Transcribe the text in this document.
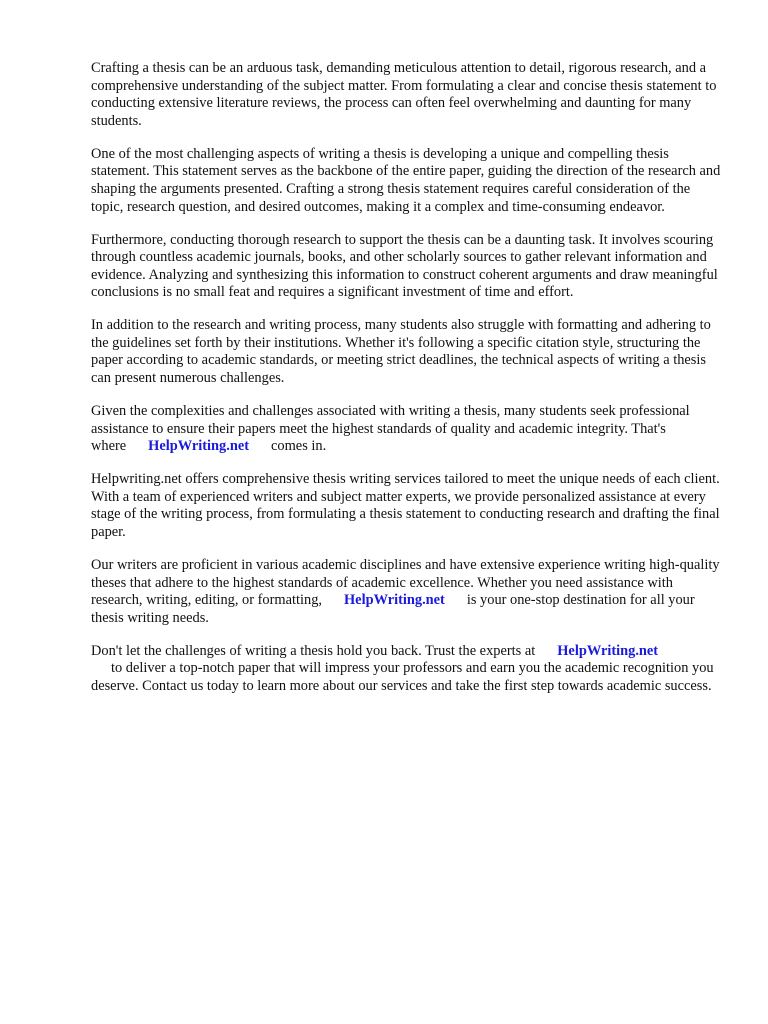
Crafting a thesis can be an arduous task, demanding meticulous attention to detail, rigorous research, and a comprehensive understanding of the subject matter. From formulating a clear and concise thesis statement to conducting extensive literature reviews, the process can often feel overwhelming and daunting for many students.

One of the most challenging aspects of writing a thesis is developing a unique and compelling thesis statement. This statement serves as the backbone of the entire paper, guiding the direction of the research and shaping the arguments presented. Crafting a strong thesis statement requires careful consideration of the topic, research question, and desired outcomes, making it a complex and time-consuming endeavor.

Furthermore, conducting thorough research to support the thesis can be a daunting task. It involves scouring through countless academic journals, books, and other scholarly sources to gather relevant information and evidence. Analyzing and synthesizing this information to construct coherent arguments and draw meaningful conclusions is no small feat and requires a significant investment of time and effort.

In addition to the research and writing process, many students also struggle with formatting and adhering to the guidelines set forth by their institutions. Whether it's following a specific citation style, structuring the paper according to academic standards, or meeting strict deadlines, the technical aspects of writing a thesis can present numerous challenges.

Given the complexities and challenges associated with writing a thesis, many students seek professional assistance to ensure their papers meet the highest standards of quality and academic integrity. That's where HelpWriting.net comes in.

Helpwriting.net offers comprehensive thesis writing services tailored to meet the unique needs of each client. With a team of experienced writers and subject matter experts, we provide personalized assistance at every stage of the writing process, from formulating a thesis statement to conducting research and drafting the final paper.

Our writers are proficient in various academic disciplines and have extensive experience writing high-quality theses that adhere to the highest standards of academic excellence. Whether you need assistance with research, writing, editing, or formatting, HelpWriting.net is your one-stop destination for all your thesis writing needs.

Don't let the challenges of writing a thesis hold you back. Trust the experts at HelpWriting.net
to deliver a top-notch paper that will impress your professors and earn you the academic recognition you deserve. Contact us today to learn more about our services and take the first step towards academic success.
